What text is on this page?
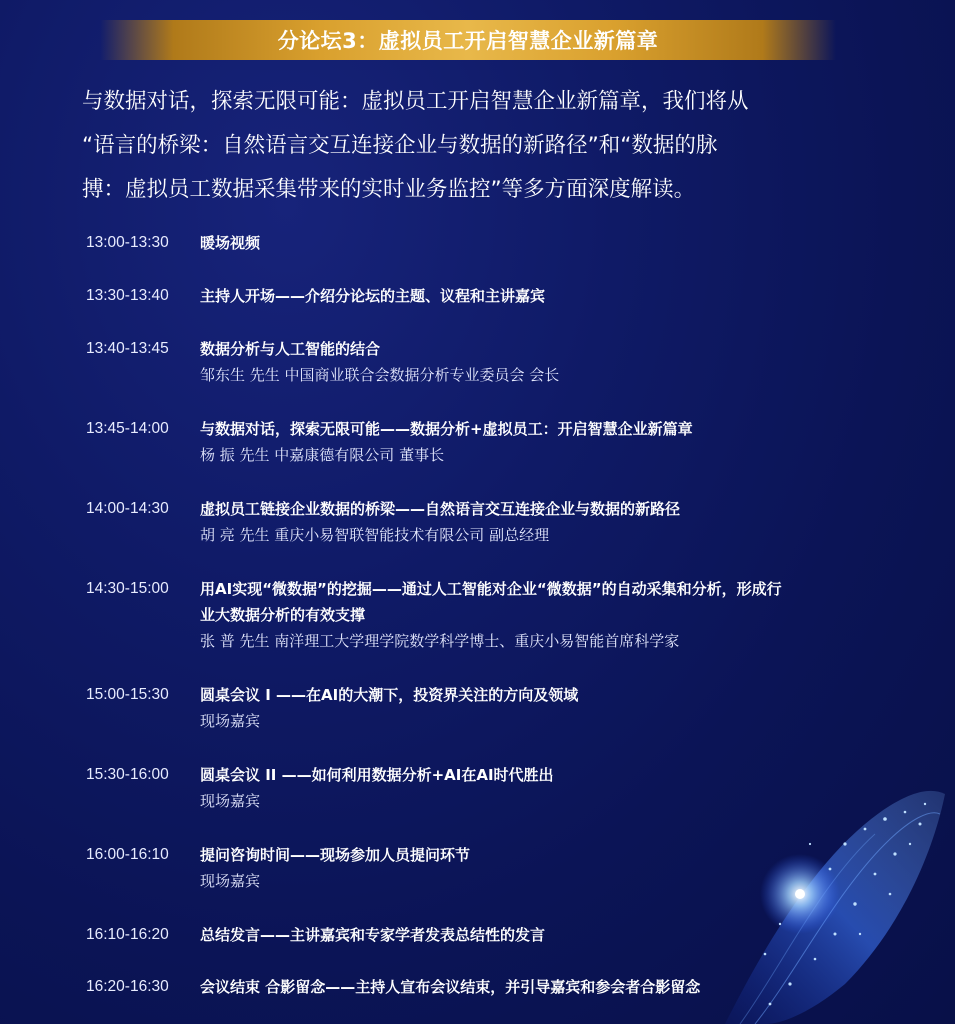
分论坛3：虚拟员工开启智慧企业新篇章

与数据对话，探索无限可能：虚拟员工开启智慧企业新篇章，我们将从

“语言的桥梁：自然语言交互连接企业与数据的新路径”和“数据的脉

搏：虚拟员工数据采集带来的实时业务监控”等多方面深度解读。

13:00-13:30 暖场视频

13:30-13:40 主持人开场——介绍分论坛的主题、议程和主讲嘉宾

13:40-13:45 数据分析与人工智能的结合

邹东生 先生 中国商业联合会数据分析专业委员会 会长

13:45-14:00 与数据对话，探索无限可能——数据分析+虚拟员工：开启智慧企业新篇章

杨 振 先生 中嘉康德有限公司 董事长

14:00-14:30 虚拟员工链接企业数据的桥梁——自然语言交互连接企业与数据的新路径

胡 亮 先生 重庆小易智联智能技术有限公司 副总经理

14:30-15:00 用AI实现“微数据”的挖掘——通过人工智能对企业“微数据”的自动采集和分析，形成行

业大数据分析的有效支撑

张 普 先生 南洋理工大学理学院数学科学博士、重庆小易智能首席科学家

15:00-15:30 圆桌会议 I ——在AI的大潮下，投资界关注的方向及领域

现场嘉宾

15:30-16:00 圆桌会议 II ——如何利用数据分析+AI在AI时代胜出

现场嘉宾

16:00-16:10 提问咨询时间——现场参加人员提问环节

现场嘉宾

16:10-16:20 总结发言——主讲嘉宾和专家学者发表总结性的发言

16:20-16:30 会议结束 合影留念——主持人宣布会议结束，并引导嘉宾和参会者合影留念
